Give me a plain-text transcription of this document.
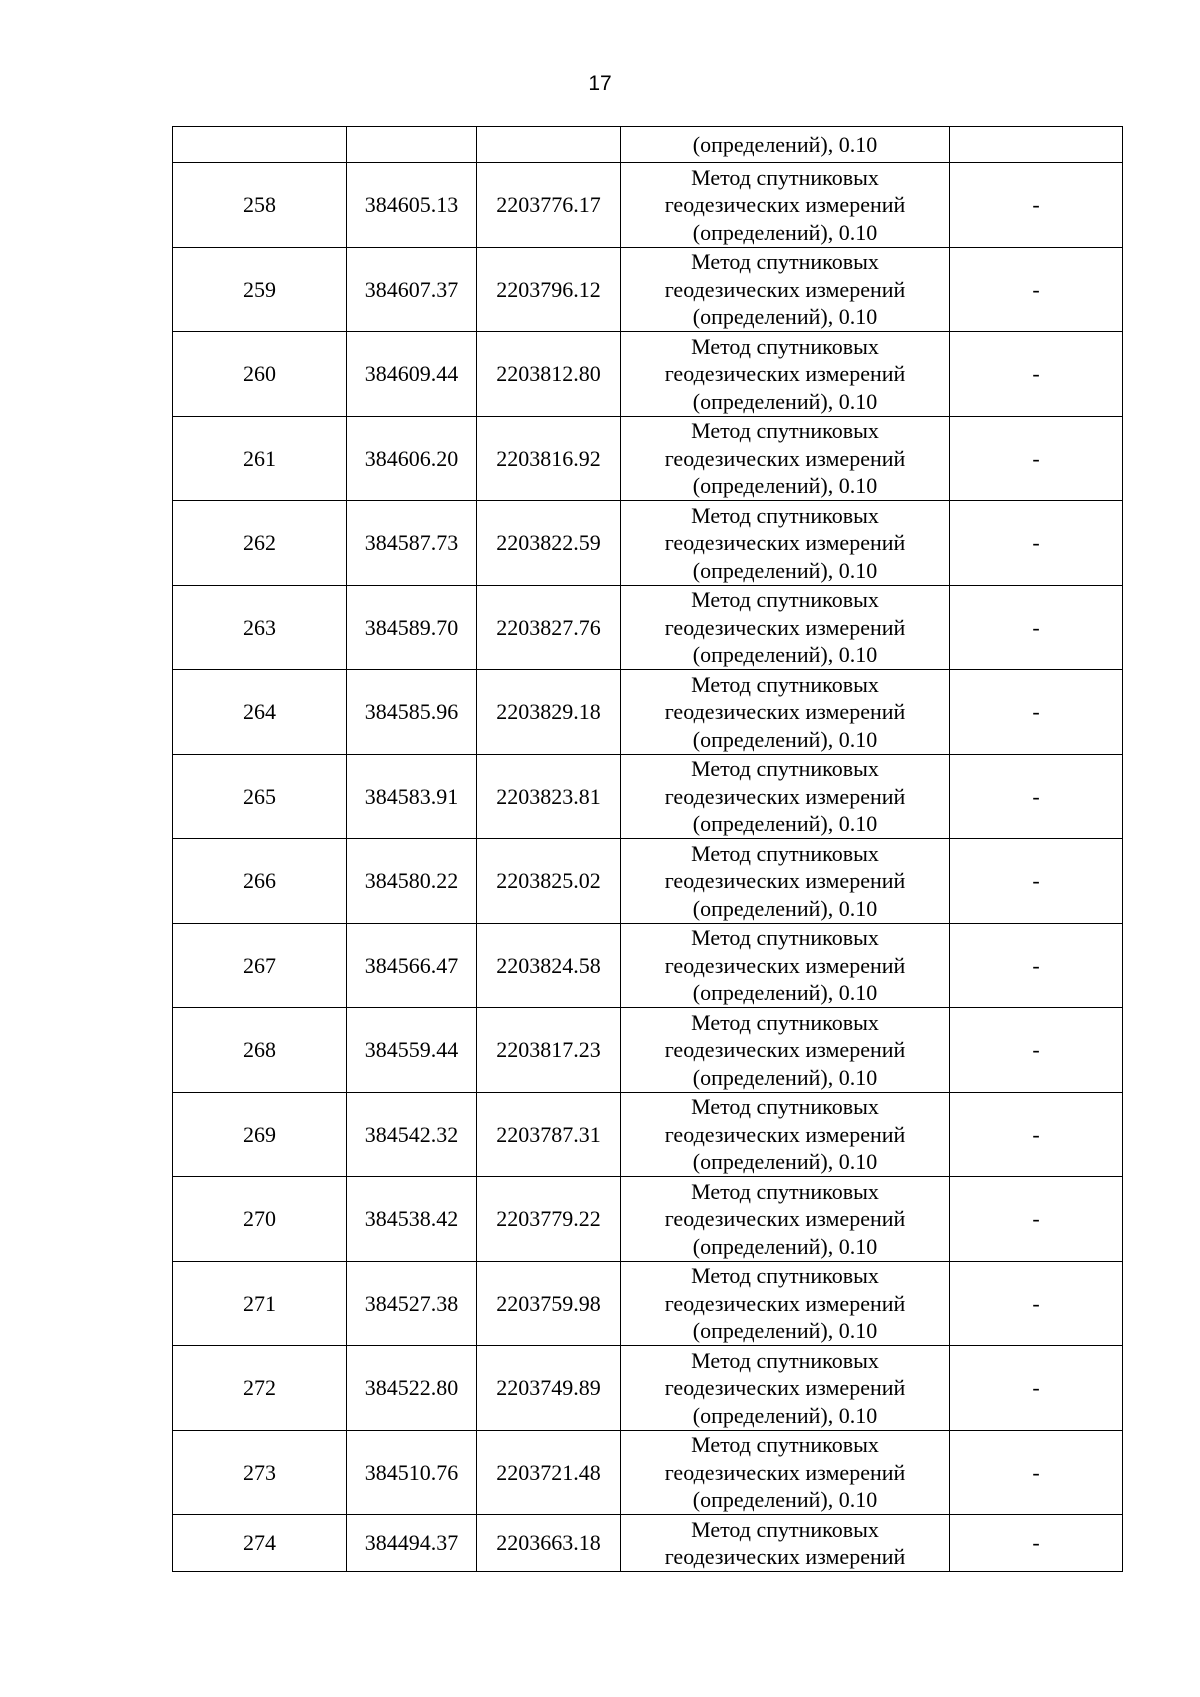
17
			(определений), 0.10	
258	384605.13	2203776.17	Метод спутниковых
геодезических измерений
(определений), 0.10	-
259	384607.37	2203796.12	Метод спутниковых
геодезических измерений
(определений), 0.10	-
260	384609.44	2203812.80	Метод спутниковых
геодезических измерений
(определений), 0.10	-
261	384606.20	2203816.92	Метод спутниковых
геодезических измерений
(определений), 0.10	-
262	384587.73	2203822.59	Метод спутниковых
геодезических измерений
(определений), 0.10	-
263	384589.70	2203827.76	Метод спутниковых
геодезических измерений
(определений), 0.10	-
264	384585.96	2203829.18	Метод спутниковых
геодезических измерений
(определений), 0.10	-
265	384583.91	2203823.81	Метод спутниковых
геодезических измерений
(определений), 0.10	-
266	384580.22	2203825.02	Метод спутниковых
геодезических измерений
(определений), 0.10	-
267	384566.47	2203824.58	Метод спутниковых
геодезических измерений
(определений), 0.10	-
268	384559.44	2203817.23	Метод спутниковых
геодезических измерений
(определений), 0.10	-
269	384542.32	2203787.31	Метод спутниковых
геодезических измерений
(определений), 0.10	-
270	384538.42	2203779.22	Метод спутниковых
геодезических измерений
(определений), 0.10	-
271	384527.38	2203759.98	Метод спутниковых
геодезических измерений
(определений), 0.10	-
272	384522.80	2203749.89	Метод спутниковых
геодезических измерений
(определений), 0.10	-
273	384510.76	2203721.48	Метод спутниковых
геодезических измерений
(определений), 0.10	-
274	384494.37	2203663.18	Метод спутниковых
геодезических измерений	-
